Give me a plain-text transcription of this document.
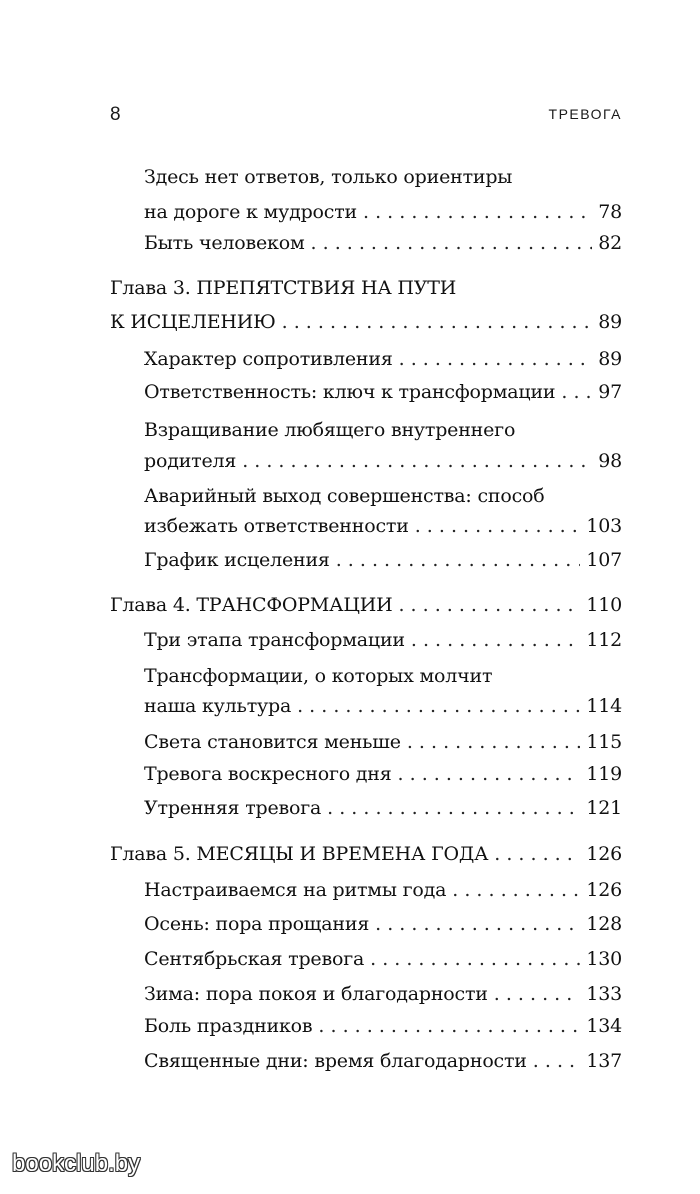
8	ТРЕВОГА
Здесь нет ответов, только ориентиры
на дороге к мудрости . . .	78
Быть человеком . . .	82
Глава 3. ПРЕПЯТСТВИЯ НА ПУТИ
К ИСЦЕЛЕНИЮ . . .	89
Характер сопротивления . . .	89
Ответственность: ключ к трансформации . . . 97
Взращивание любящего внутреннего
родителя . . .	98
Аварийный выход совершенства: способ
избежать ответственности . . .	103
График исцеления . . .	107
Глава 4. ТРАНСФОРМАЦИИ . . .	110
Три этапа трансформации . . .	112
Трансформации, о которых молчит
наша культура . . .	114
Света становится меньше . . .	115
Тревога воскресного дня . . .	119
Утренняя тревога . . .	121
Глава 5. МЕСЯЦЫ И ВРЕМЕНА ГОДА . . .	126
Настраиваемся на ритмы года . . .	126
Осень: пора прощания . . .	128
Сентябрьская тревога . . .	130
Зима: пора покоя и благодарности . . .	133
Боль праздников . . .	134
Священные дни: время благодарности . . .	137
bookclub.by
